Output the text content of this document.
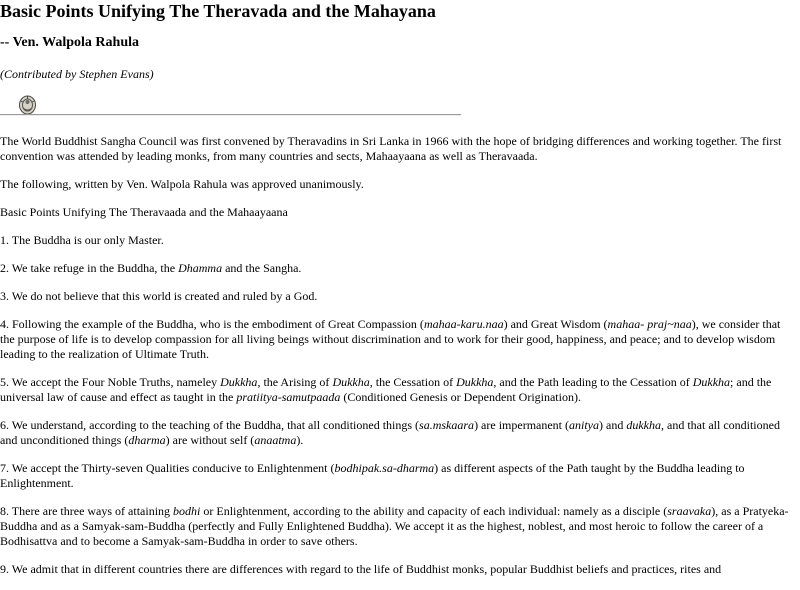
Basic Points Unifying The Theravada and the Mahayana
-- Ven. Walpola Rahula

(Contributed by Stephen Evans)

The World Buddhist Sangha Council was first convened by Theravadins in Sri Lanka in 1966 with the hope of bridging differences and working together. The first convention was attended by leading monks, from many countries and sects, Mahaayaana as well as Theravaada.

The following, written by Ven. Walpola Rahula was approved unanimously.

Basic Points Unifying The Theravaada and the Mahaayaana

1. The Buddha is our only Master.

2. We take refuge in the Buddha, the Dhamma and the Sangha.

3. We do not believe that this world is created and ruled by a God.

4. Following the example of the Buddha, who is the embodiment of Great Compassion (mahaa-karu.naa) and Great Wisdom (mahaa- praj~naa), we consider that the purpose of life is to develop compassion for all living beings without discrimination and to work for their good, happiness, and peace; and to develop wisdom leading to the realization of Ultimate Truth.

5. We accept the Four Noble Truths, nameley Dukkha, the Arising of Dukkha, the Cessation of Dukkha, and the Path leading to the Cessation of Dukkha; and the universal law of cause and effect as taught in the pratiitya-samutpaada (Conditioned Genesis or Dependent Origination).

6. We understand, according to the teaching of the Buddha, that all conditioned things (sa.mskaara) are impermanent (anitya) and dukkha, and that all conditioned and unconditioned things (dharma) are without self (anaatma).

7. We accept the Thirty-seven Qualities conducive to Enlightenment (bodhipak.sa-dharma) as different aspects of the Path taught by the Buddha leading to Enlightenment.

8. There are three ways of attaining bodhi or Enlightenment, according to the ability and capacity of each individual: namely as a disciple (sraavaka), as a Pratyeka-Buddha and as a Samyak-sam-Buddha (perfectly and Fully Enlightened Buddha). We accept it as the highest, noblest, and most heroic to follow the career of a Bodhisattva and to become a Samyak-sam-Buddha in order to save others.

9. We admit that in different countries there are differences with regard to the life of Buddhist monks, popular Buddhist beliefs and practices, rites and
